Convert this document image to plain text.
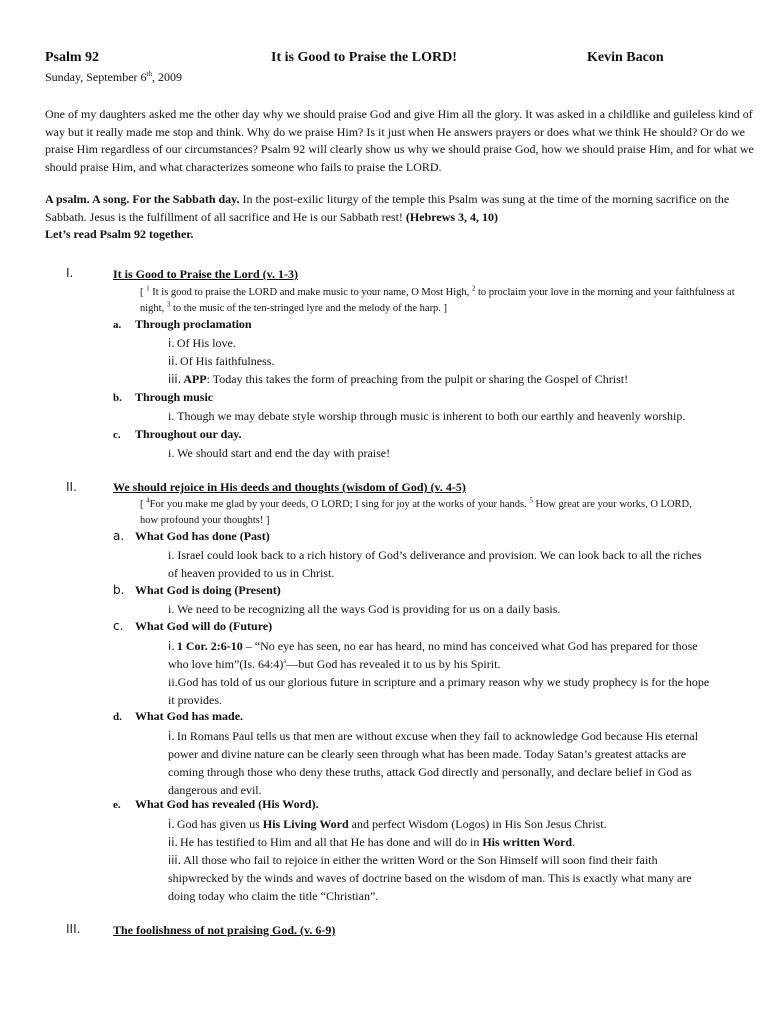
Psalm 92	It is Good to Praise the LORD!	Kevin Bacon
Sunday, September 6th, 2009
One of my daughters asked me the other day why we should praise God and give Him all the glory. It was asked in a childlike and guileless kind of way but it really made me stop and think. Why do we praise Him? Is it just when He answers prayers or does what we think He should? Or do we praise Him regardless of our circumstances? Psalm 92 will clearly show us why we should praise God, how we should praise Him, and for what we should praise Him, and what characterizes someone who fails to praise the LORD.
A psalm. A song. For the Sabbath day. In the post-exilic liturgy of the temple this Psalm was sung at the time of the morning sacrifice on the Sabbath. Jesus is the fulfillment of all sacrifice and He is our Sabbath rest! (Hebrews 3, 4, 10)
Let’s read Psalm 92 together.
I.	It is Good to Praise the Lord (v. 1-3)
[ $^1$ It is good to praise the LORD and make music to your name, O Most High, $^2$ to proclaim your love in the morning and your faithfulness at night, $^3$ to the music of the ten-stringed lyre and the melody of the harp. ]
a. Through proclamation
i. Of His love.
ii. Of His faithfulness.
iii. APP: Today this takes the form of preaching from the pulpit or sharing the Gospel of Christ!
b. Through music
i. Though we may debate style worship through music is inherent to both our earthly and heavenly worship.
c. Throughout our day.
i. We should start and end the day with praise!
II.	We should rejoice in His deeds and thoughts (wisdom of God) (v. 4-5)
[ $^4$For you make me glad by your deeds, O LORD; I sing for joy at the works of your hands. $^5$ How great are your works, O LORD, how profound your thoughts! ]
a. What God has done (Past)
i. Israel could look back to a rich history of God’s deliverance and provision. We can look back to all the riches of heaven provided to us in Christ.
b. What God is doing (Present)
i. We need to be recognizing all the ways God is providing for us on a daily basis.
c. What God will do (Future)
i. 1 Cor. 2:6-10 – “No eye has seen, no ear has heard, no mind has conceived what God has prepared for those who love him”(Is. 64:4)$^a$—but God has revealed it to us by his Spirit.
ii.God has told of us our glorious future in scripture and a primary reason why we study prophecy is for the hope it provides.
d. What God has made.
i. In Romans Paul tells us that men are without excuse when they fail to acknowledge God because His eternal power and divine nature can be clearly seen through what has been made. Today Satan’s greatest attacks are coming through those who deny these truths, attack God directly and personally, and declare belief in God as dangerous and evil.
e. What God has revealed (His Word).
i. God has given us His Living Word and perfect Wisdom (Logos) in His Son Jesus Christ.
ii. He has testified to Him and all that He has done and will do in His written Word.
iii. All those who fail to rejoice in either the written Word or the Son Himself will soon find their faith shipwrecked by the winds and waves of doctrine based on the wisdom of man. This is exactly what many are doing today who claim the title “Christian”.
III.	The foolishness of not praising God. (v. 6-9)
